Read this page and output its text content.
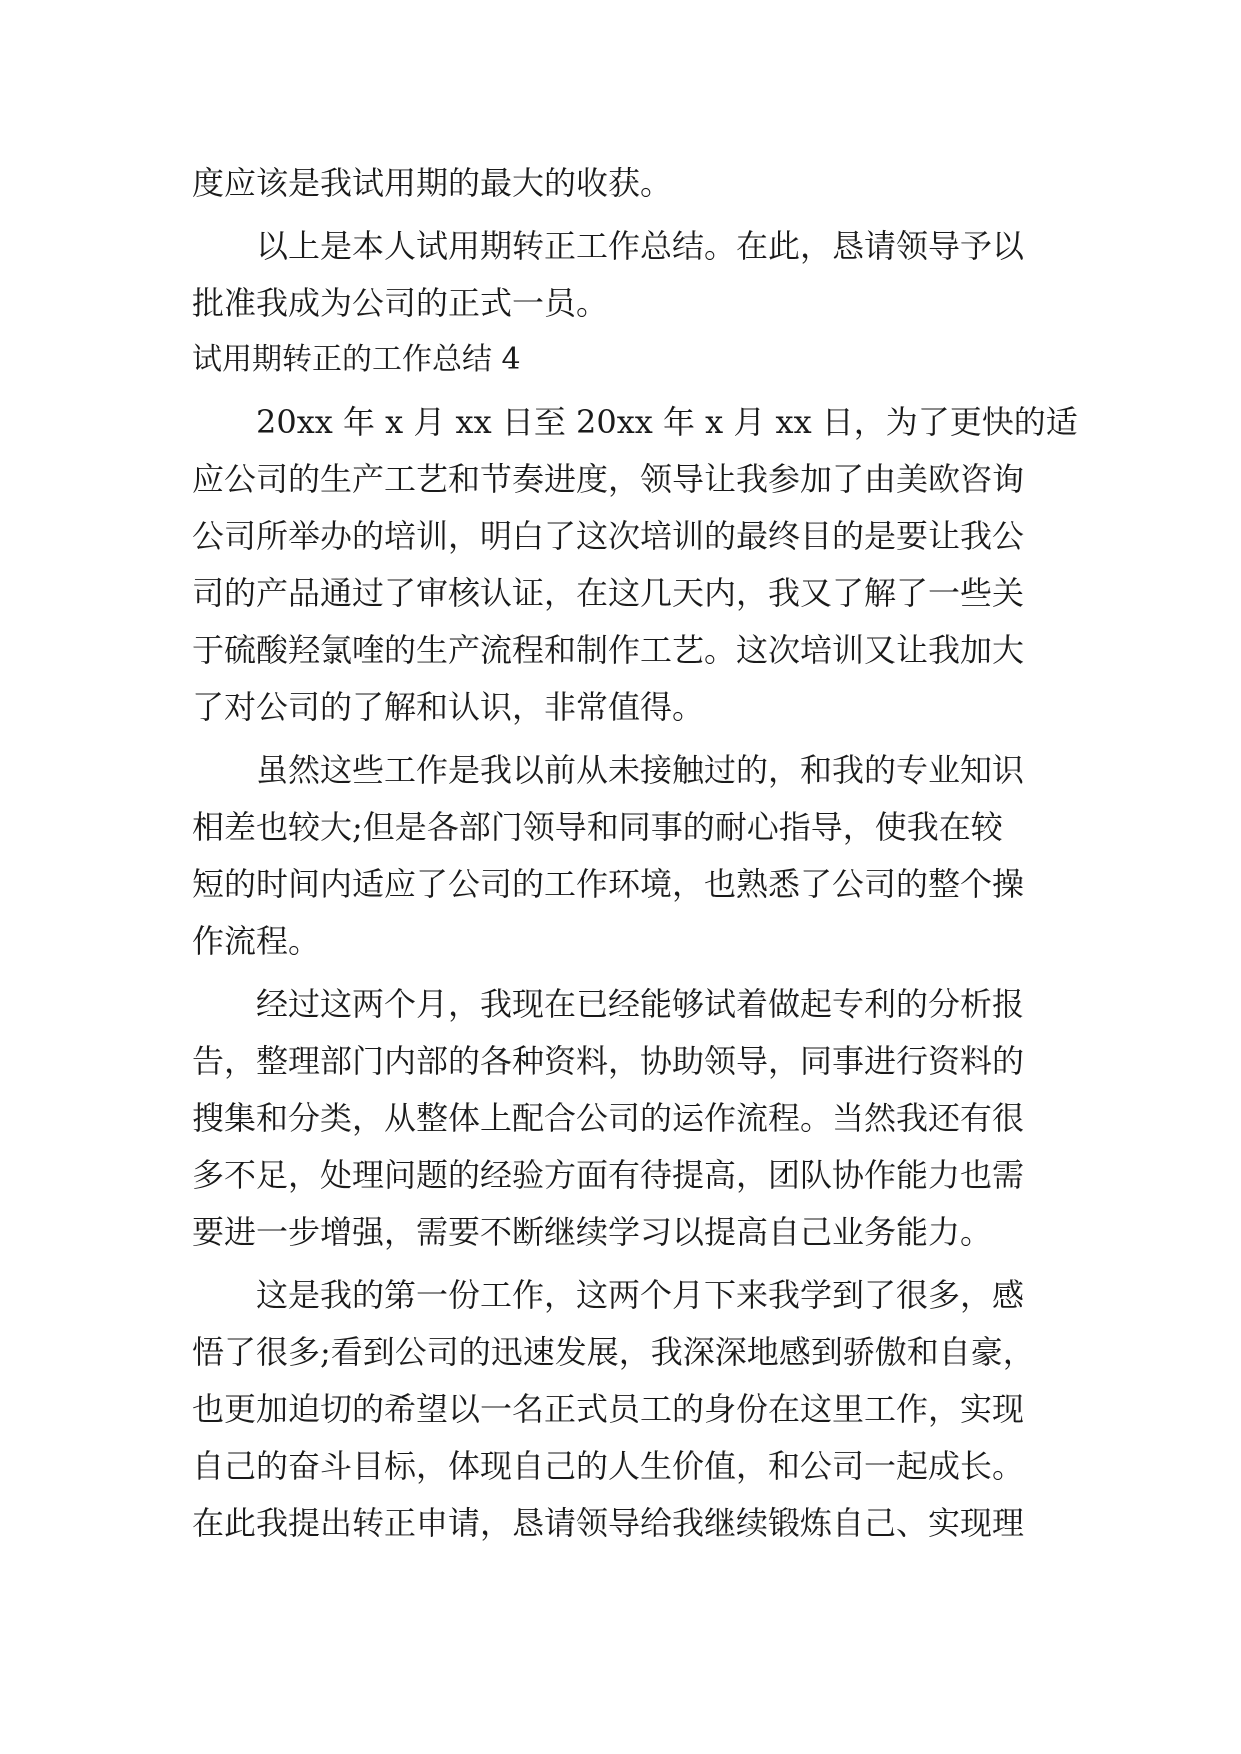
度应该是我试用期的最大的收获。
以上是本人试用期转正工作总结。在此，恳请领导予以
批准我成为公司的正式一员。
试用期转正的工作总结 4
20xx 年 x 月 xx 日至 20xx 年 x 月 xx 日，为了更快的适
应公司的生产工艺和节奏进度，领导让我参加了由美欧咨询
公司所举办的培训，明白了这次培训的最终目的是要让我公
司的产品通过了审核认证，在这几天内，我又了解了一些关
于硫酸羟氯喹的生产流程和制作工艺。这次培训又让我加大
了对公司的了解和认识，非常值得。
虽然这些工作是我以前从未接触过的，和我的专业知识
相差也较大;但是各部门领导和同事的耐心指导，使我在较
短的时间内适应了公司的工作环境，也熟悉了公司的整个操
作流程。
经过这两个月，我现在已经能够试着做起专利的分析报
告，整理部门内部的各种资料，协助领导，同事进行资料的
搜集和分类，从整体上配合公司的运作流程。当然我还有很
多不足，处理问题的经验方面有待提高，团队协作能力也需
要进一步增强，需要不断继续学习以提高自己业务能力。
这是我的第一份工作，这两个月下来我学到了很多，感
悟了很多;看到公司的迅速发展，我深深地感到骄傲和自豪，
也更加迫切的希望以一名正式员工的身份在这里工作，实现
自己的奋斗目标，体现自己的人生价值，和公司一起成长。
在此我提出转正申请，恳请领导给我继续锻炼自己、实现理
